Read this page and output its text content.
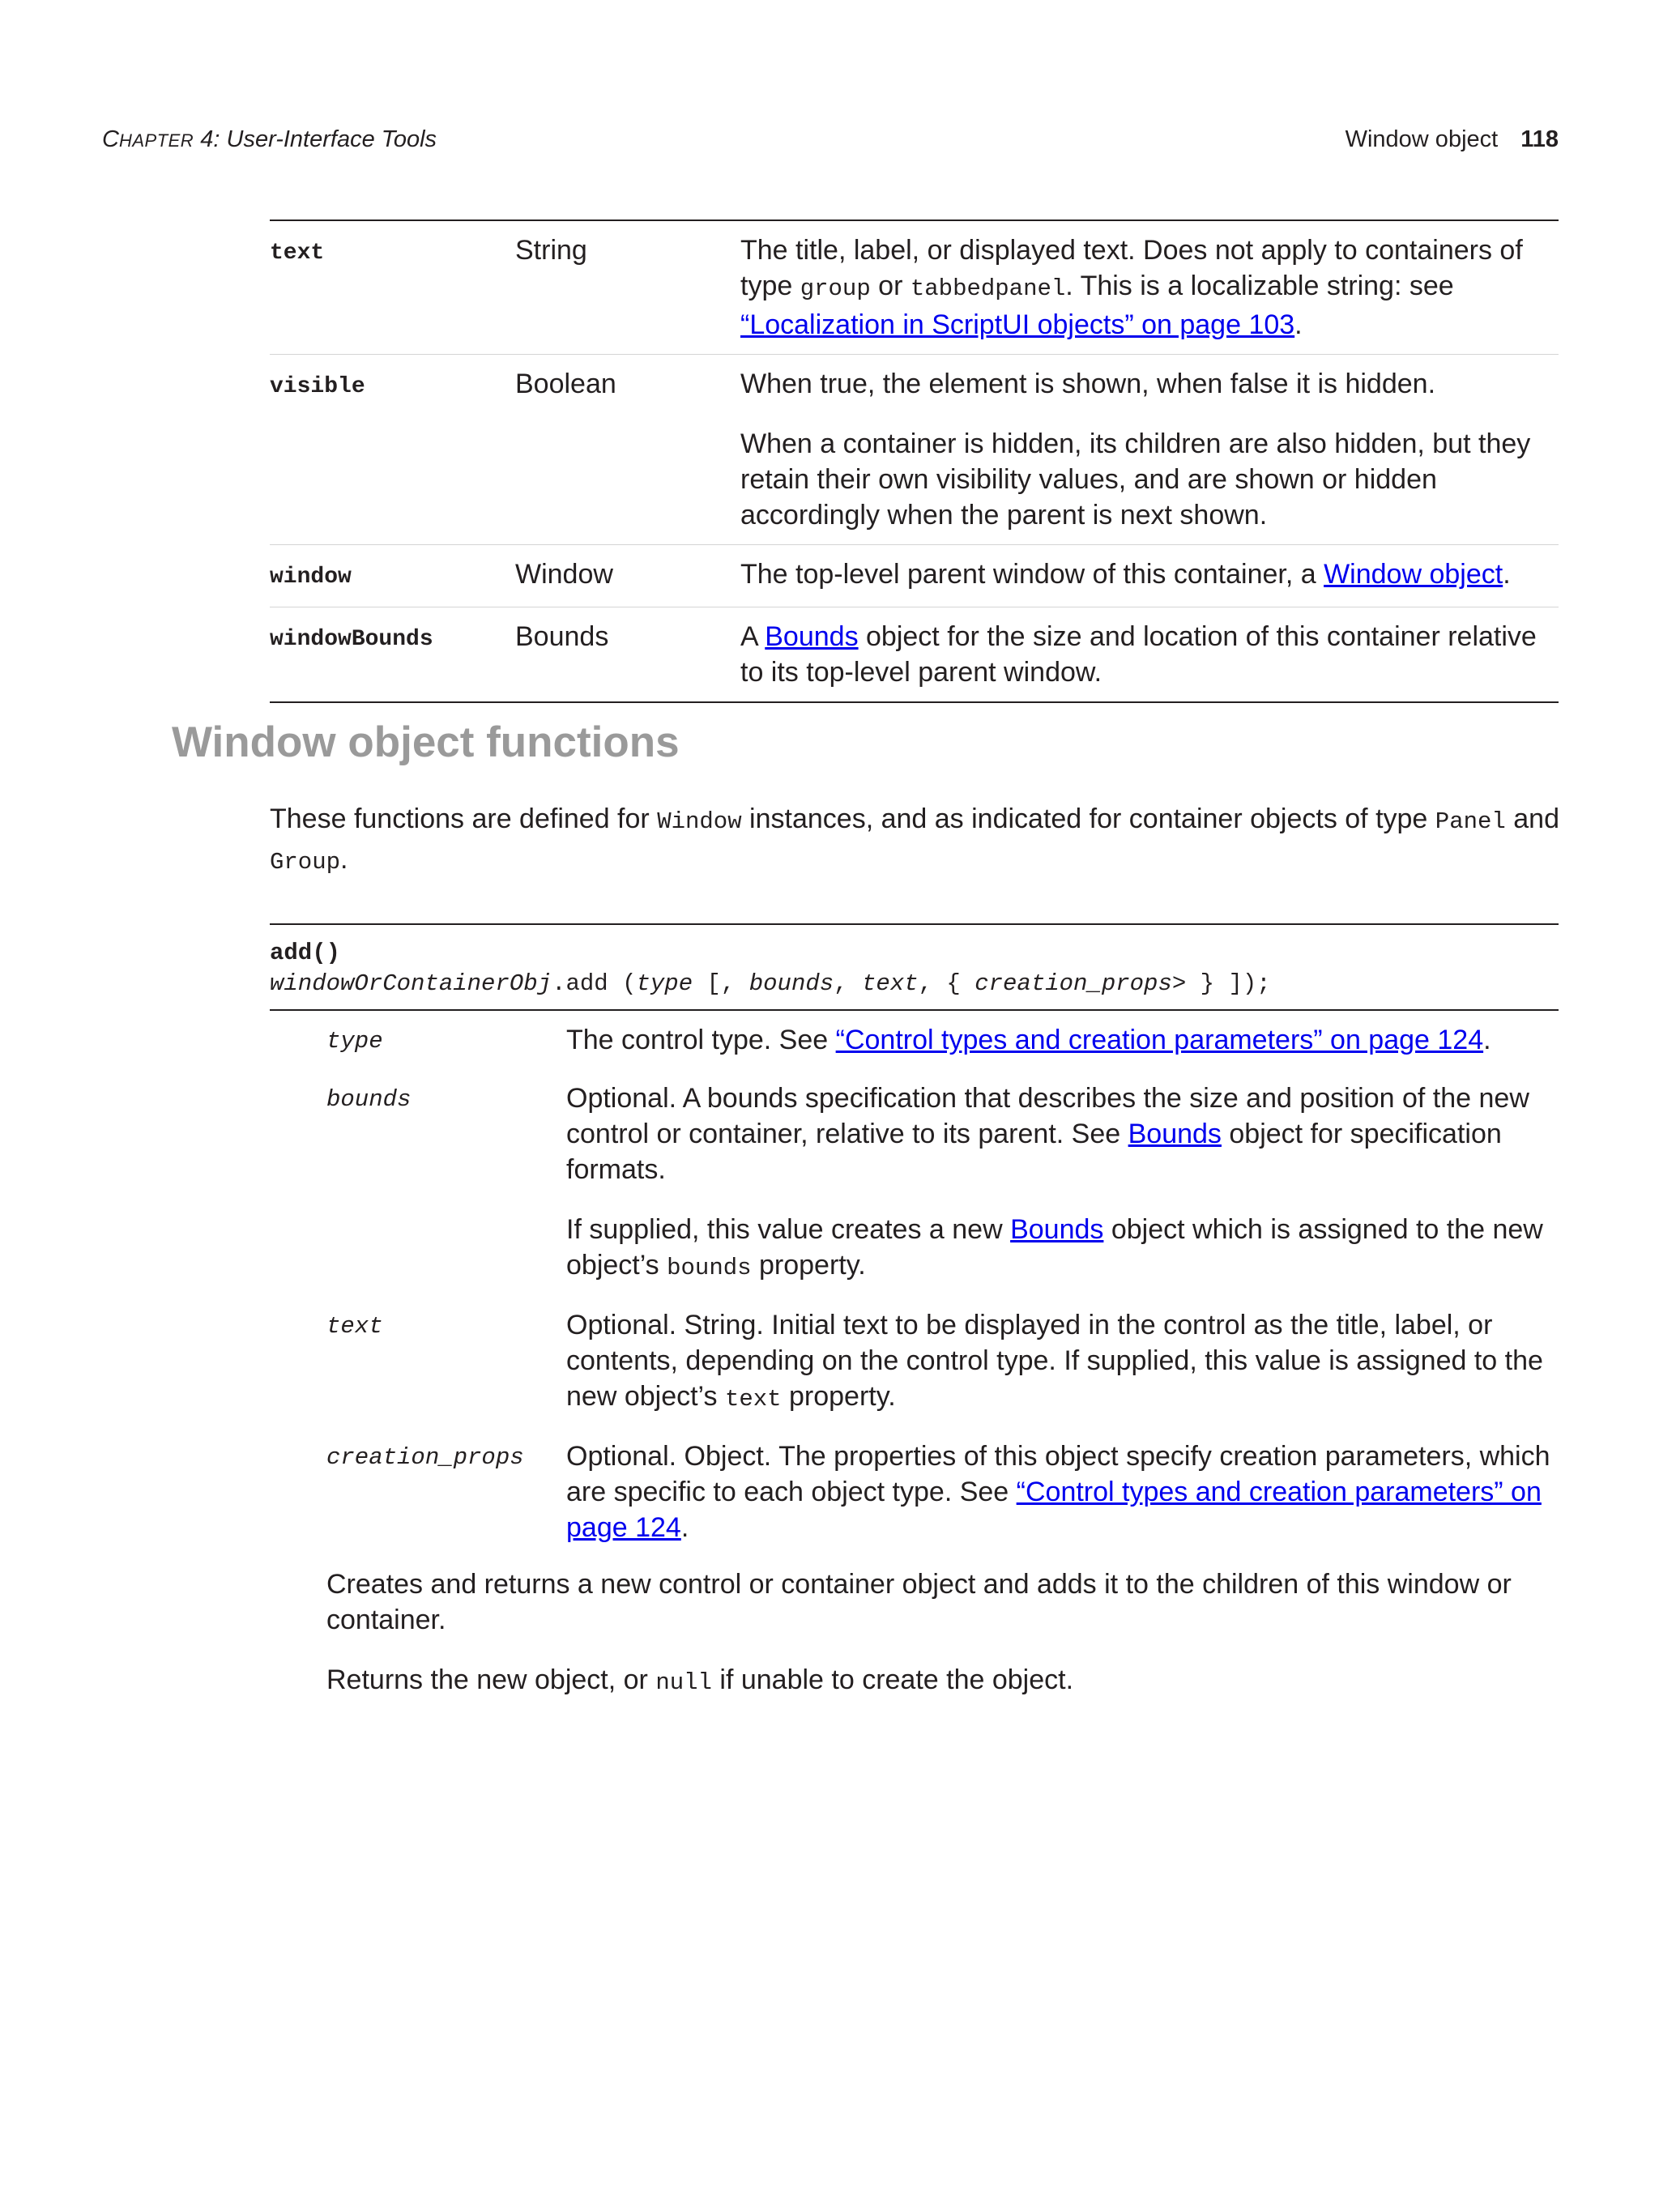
CHAPTER 4: User-Interface Tools	Window object 118
text	String	The title, label, or displayed text. Does not apply to containers of type group or tabbedpanel. This is a localizable string: see “Localization in ScriptUI objects” on page 103.

visible	Boolean	When true, the element is shown, when false it is hidden.

When a container is hidden, its children are also hidden, but they retain their own visibility values, and are shown or hidden accordingly when the parent is next shown.

window	Window	The top-level parent window of this container, a Window object.

windowBounds	Bounds	A Bounds object for the size and location of this container relative to its top-level parent window.

Window object functions

These functions are defined for Window instances, and as indicated for container objects of type Panel and
Group.

add()
windowOrContainerObj.add (type [, bounds, text, { creation_props> } ]);
type	The control type. See “Control types and creation parameters” on page 124.

bounds	Optional. A bounds specification that describes the size and position of the new control or container, relative to its parent. See Bounds object for specification formats.

If supplied, this value creates a new Bounds object which is assigned to the new object’s bounds property.

text	Optional. String. Initial text to be displayed in the control as the title, label, or contents, depending on the control type. If supplied, this value is assigned to the new object’s text property.

creation_props	Optional. Object. The properties of this object specify creation parameters, which are specific to each object type. See “Control types and creation parameters” on page 124.

Creates and returns a new control or container object and adds it to the children of this window or container.

Returns the new object, or null if unable to create the object.
